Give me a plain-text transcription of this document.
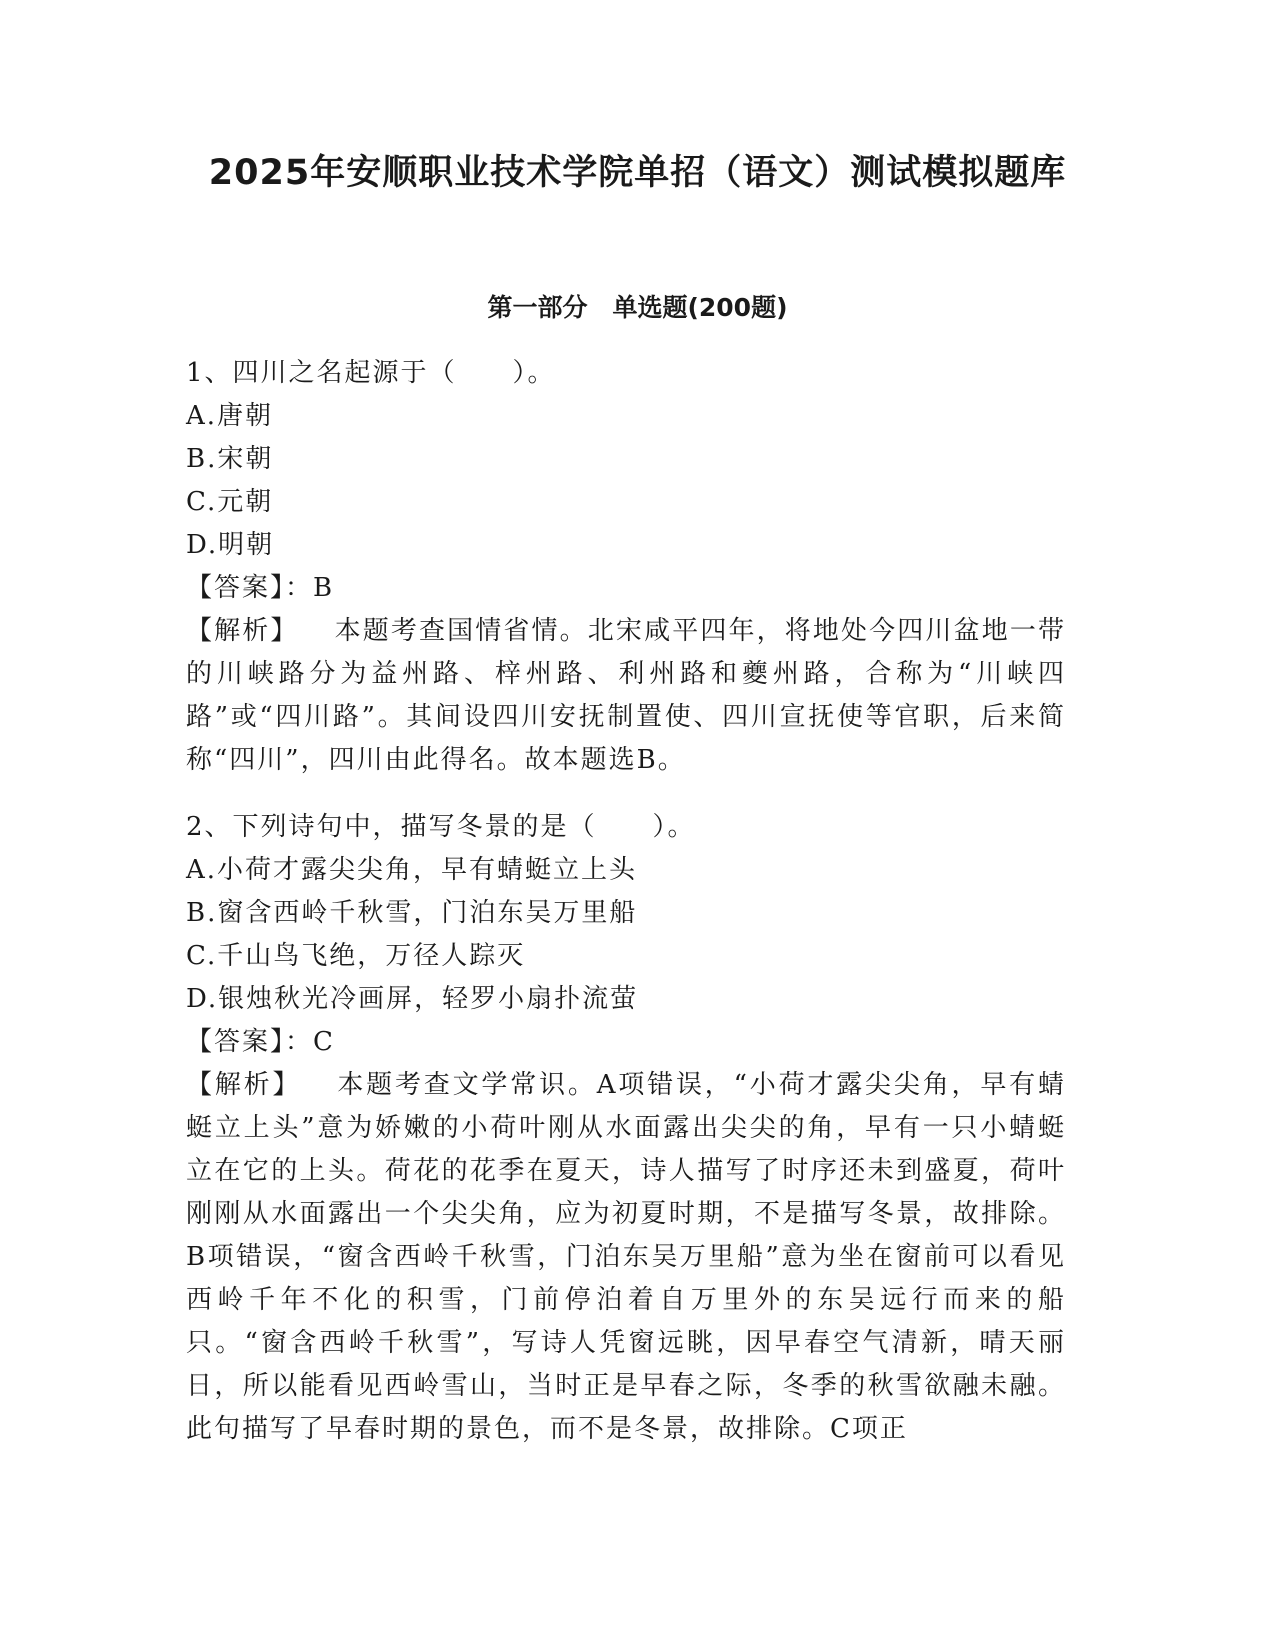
2025年安顺职业技术学院单招（语文）测试模拟题库
第一部分　单选题(200题)

1、四川之名起源于（　　）。

A.唐朝

B.宋朝

C.元朝

D.明朝

【答案】：B

【解析】 本题考查国情省情。北宋咸平四年，将地处今四川盆地一带的川峡路分为益州路、梓州路、利州路和夔州路，合称为“川峡四路”或“四川路”。其间设四川安抚制置使、四川宣抚使等官职，后来简称“四川”，四川由此得名。故本题选B。

2、下列诗句中，描写冬景的是（　　）。

A.小荷才露尖尖角，早有蜻蜓立上头

B.窗含西岭千秋雪，门泊东吴万里船

C.千山鸟飞绝，万径人踪灭

D.银烛秋光冷画屏，轻罗小扇扑流萤

【答案】：C

【解析】 本题考查文学常识。A项错误，“小荷才露尖尖角，早有蜻蜓立上头”意为娇嫩的小荷叶刚从水面露出尖尖的角，早有一只小蜻蜓立在它的上头。荷花的花季在夏天，诗人描写了时序还未到盛夏，荷叶刚刚从水面露出一个尖尖角，应为初夏时期，不是描写冬景，故排除。B项错误，“窗含西岭千秋雪，门泊东吴万里船”意为坐在窗前可以看见西岭千年不化的积雪，门前停泊着自万里外的东吴远行而来的船只。“窗含西岭千秋雪”，写诗人凭窗远眺，因早春空气清新，晴天丽日，所以能看见西岭雪山，当时正是早春之际，冬季的秋雪欲融未融。此句描写了早春时期的景色，而不是冬景，故排除。C项正
